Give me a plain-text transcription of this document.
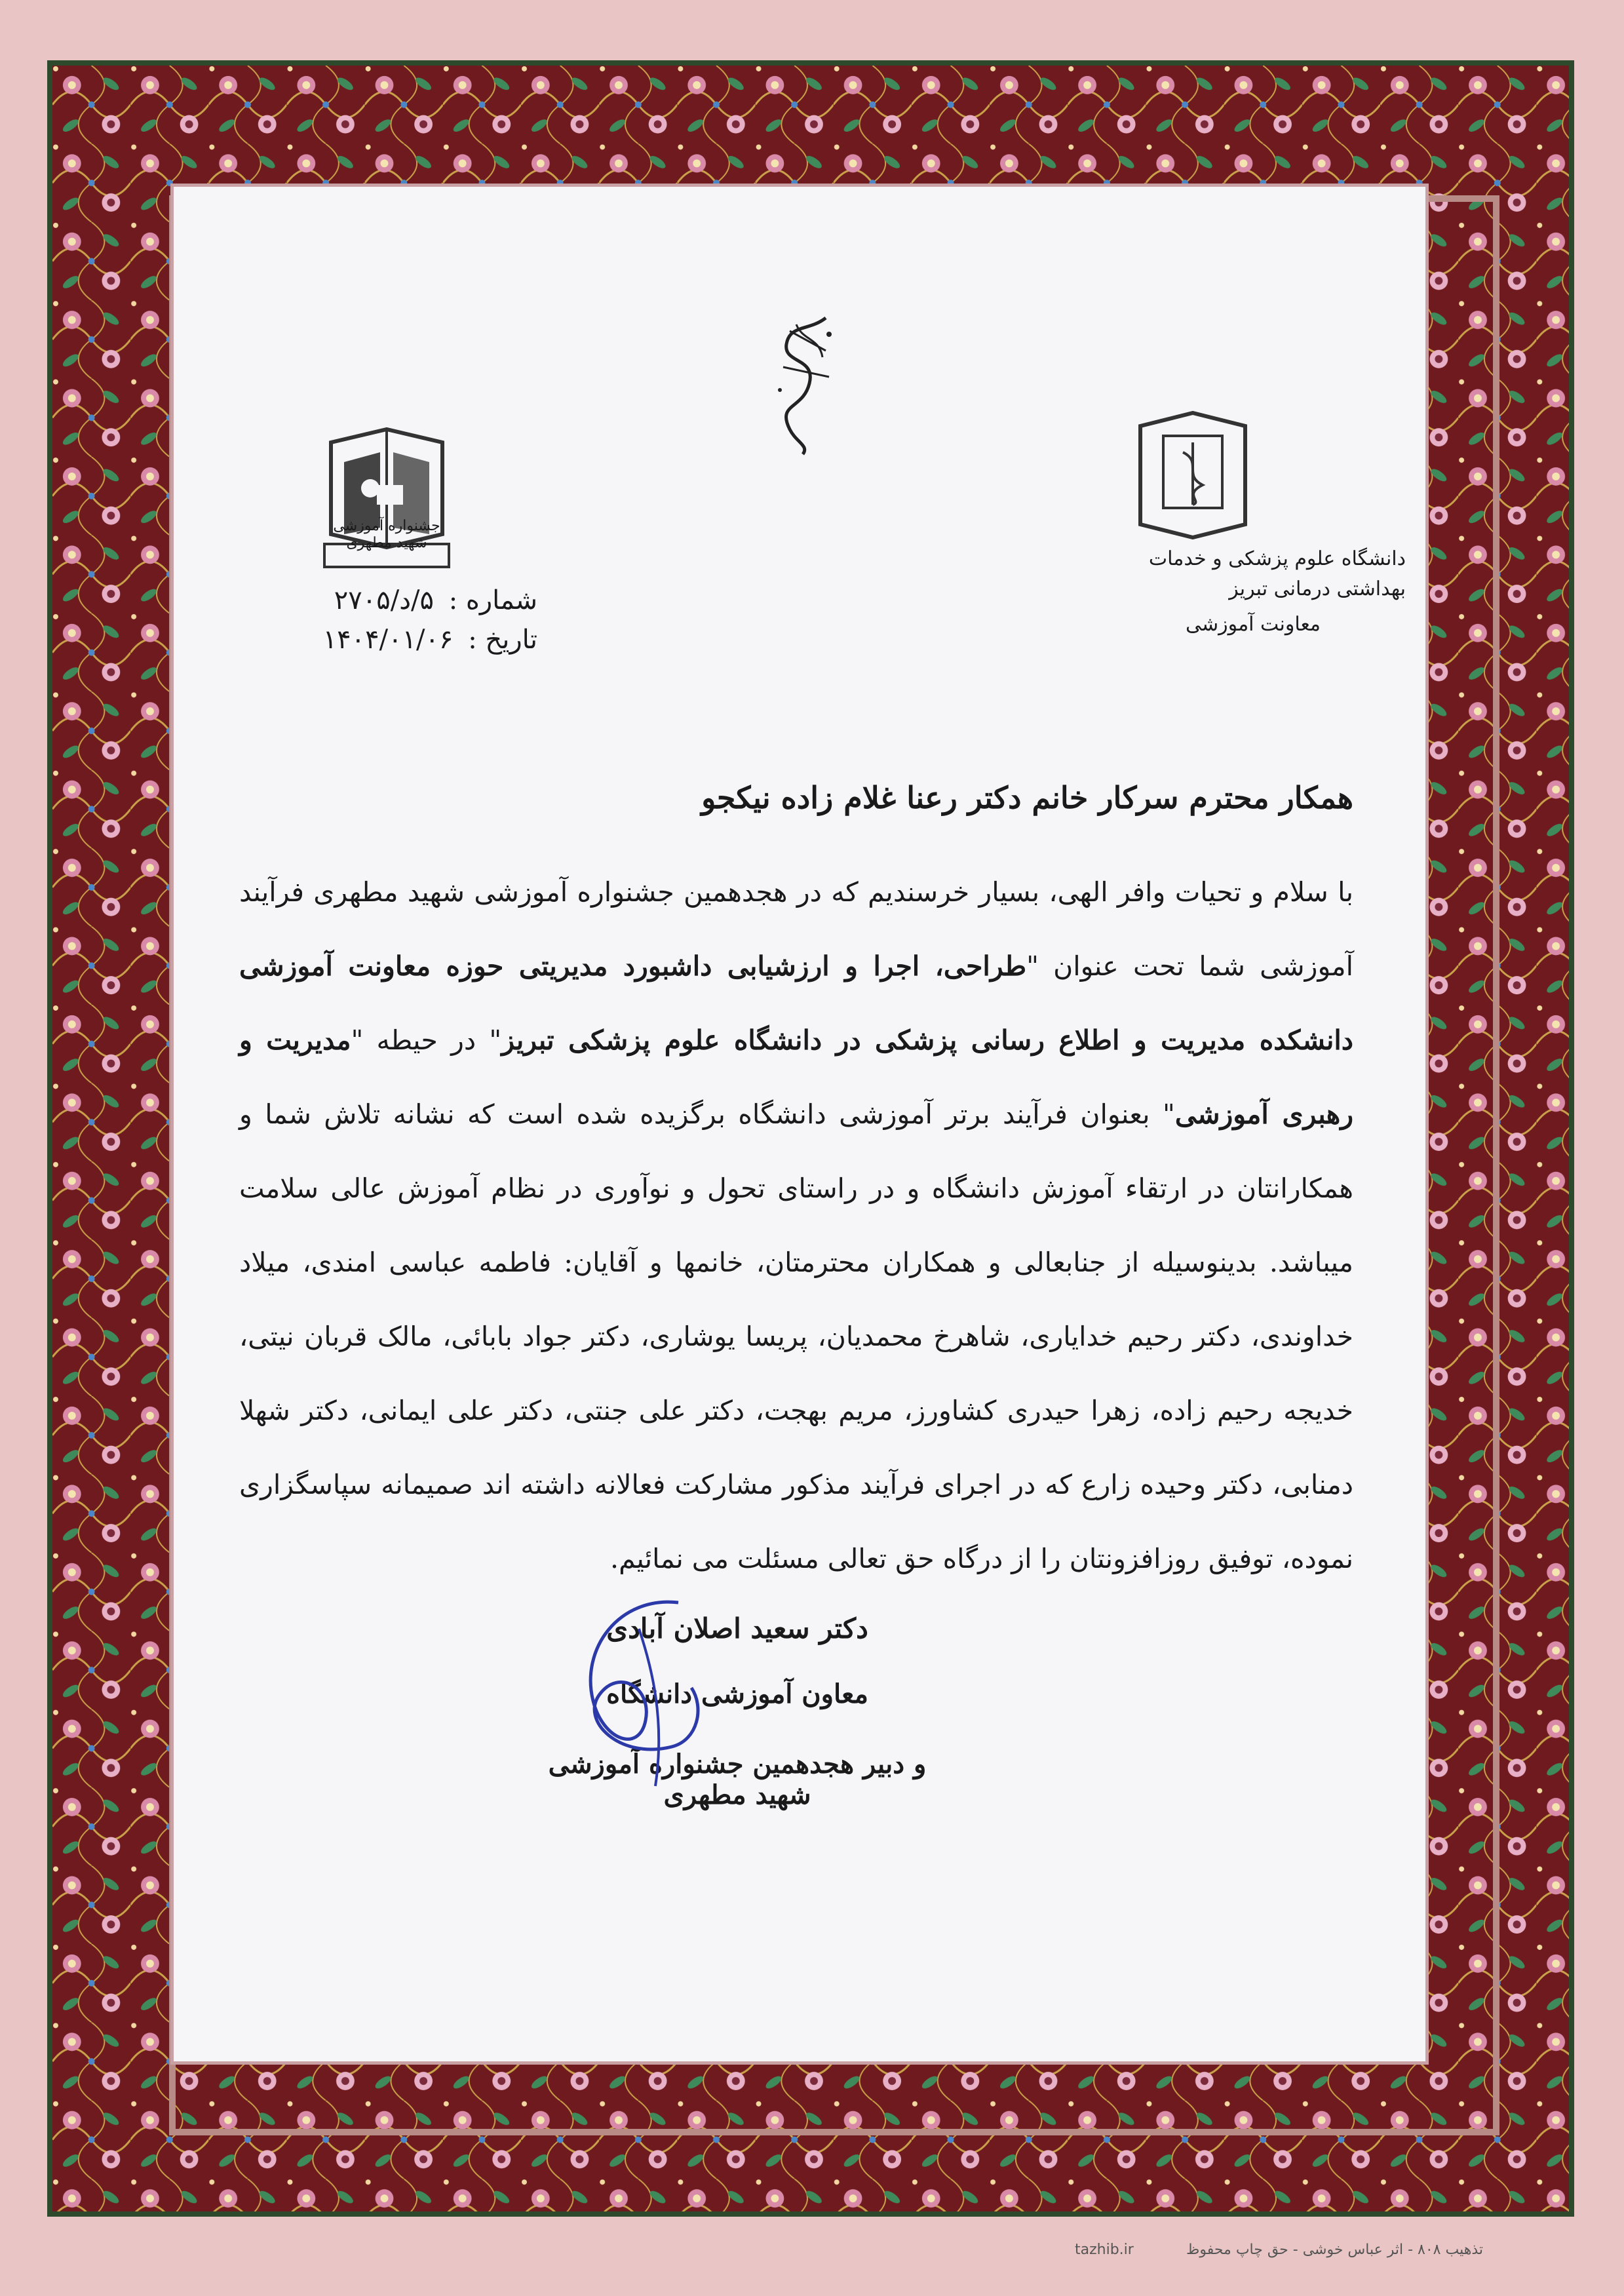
جشنواره آموزشی شهید مطهری
دانشگاه علوم پزشکی و خدمات بهداشتی درمانی تبریز
معاونت آموزشی
شماره : ۵/د/۲۷۰۵
تاریخ : ۱۴۰۴/۰۱/۰۶
همکار محترم سرکار خانم دکتر رعنا غلام زاده نیکجو
با سلام و تحیات وافر الهی، بسیار خرسندیم که در هجدهمین جشنواره آموزشی شهید مطهری فرآیند آموزشی شما تحت عنوان "طراحی، اجرا و ارزشیابی داشبورد مدیریتی حوزه معاونت آموزشی دانشکده مدیریت و اطلاع رسانی پزشکی در دانشگاه علوم پزشکی تبریز" در حیطه "مدیریت و رهبری آموزشی" بعنوان فرآیند برتر آموزشی دانشگاه برگزیده شده است که نشانه تلاش شما و همکارانتان در ارتقاء آموزش دانشگاه و در راستای تحول و نوآوری در نظام آموزش عالی سلامت میباشد. بدینوسیله از جنابعالی و همکاران محترمتان، خانمها و آقایان: فاطمه عباسی امندی، میلاد خداوندی، دکتر رحیم خدایاری، شاهرخ محمدیان، پریسا یوشاری، دکتر جواد بابائی، مالک قربان نیتی، خدیجه رحیم زاده، زهرا حیدری کشاورز، مریم بهجت، دکتر علی جنتی، دکتر علی ایمانی، دکتر شهلا دمنابی، دکتر وحیده زارع که در اجرای فرآیند مذکور مشارکت فعالانه داشته اند صمیمانه سپاسگزاری نموده، توفیق روزافزونتان را از درگاه حق تعالی مسئلت می نمائیم.
دکتر سعید اصلان آبادی
معاون آموزشی دانشگاه
و دبیر هجدهمین جشنواره آموزشی شهید مطهری
tazhib.ir	تذهیب ۸۰۸ - اثر عباس خوشی - حق چاپ محفوظ
